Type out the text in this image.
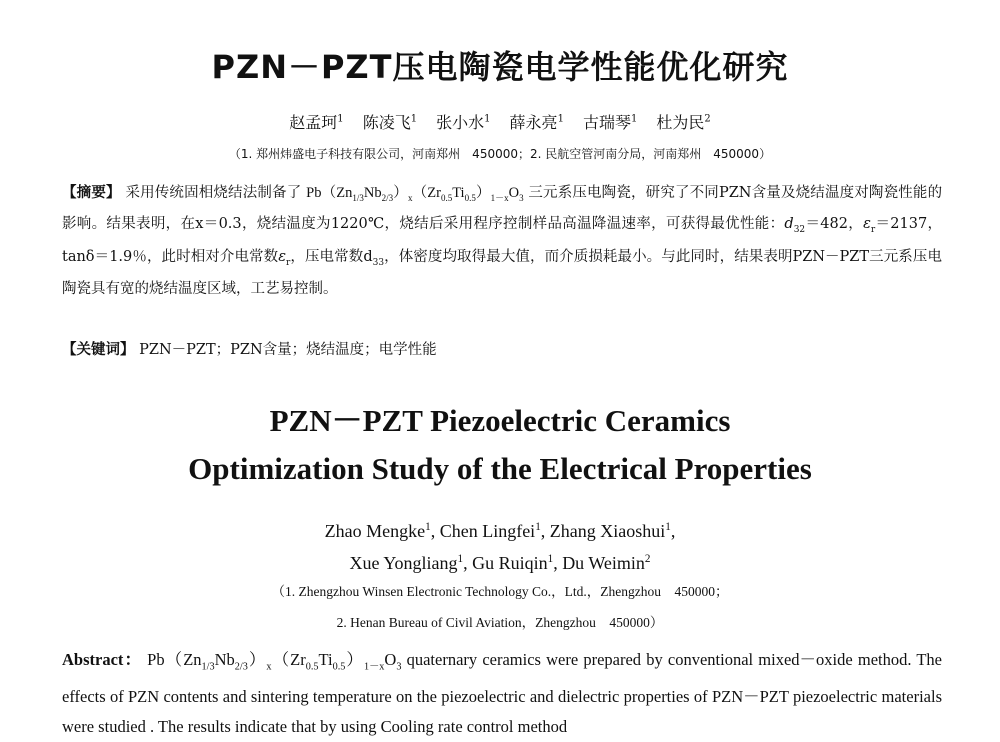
PZN－PZT压电陶瓷电学性能优化研究
赵孟珂$^1$ 陈凌飞$^1$ 张小水$^1$ 薛永亮$^1$ 古瑞琴$^1$ 杜为民$^2$
（1. 郑州炜盛电子科技有限公司，河南郑州　450000；2. 民航空管河南分局，河南郑州　450000）
【摘要】 采用传统固相烧结法制备了 $Pb(Zn_{1/3}Nb_{2/3})_x(Zr_{0.5}Ti_{0.5})_{1-x}O_3$ 三元系压电陶瓷，研究了不同PZN含量及烧结温度对陶瓷性能的影响。结果表明，在x＝0.3，烧结温度为1220℃，烧结后采用程序控制样品高温降温速率，可获得最优性能：$d_{32}=482$，$\varepsilon_r=2137$，tanδ＝1.9％，此时相对介电常数$\varepsilon_r$，压电常数$d_{33}$，体密度均取得最大值，而介质损耗最小。与此同时，结果表明PZN－PZT三元系压电陶瓷具有宽的烧结温度区域，工艺易控制。
【关键词】 PZN－PZT；PZN含量；烧结温度；电学性能
PZN－PZT Piezoelectric Ceramics
Optimization Study of the Electrical Properties
Zhao Mengke$^1$, Chen Lingfei$^1$, Zhang Xiaoshui$^1$,
Xue Yongliang$^1$, Gu Ruiqin$^1$, Du Weimin$^2$
（1. Zhengzhou Winsen Electronic Technology Co.，Ltd.，Zhengzhou　450000；
2. Henan Bureau of Civil Aviation，Zhengzhou　450000）
Abstract： $Pb(Zn_{1/3}Nb_{2/3})_x(Zr_{0.5}Ti_{0.5})_{1-x}O_3$ quaternary ceramics were prepared by conventional mixed－oxide method. The effects of PZN contents and sintering temperature on the piezoelectric and dielectric properties of PZN－PZT piezoelectric materials were studied . The results indicate that by using Cooling rate control method
